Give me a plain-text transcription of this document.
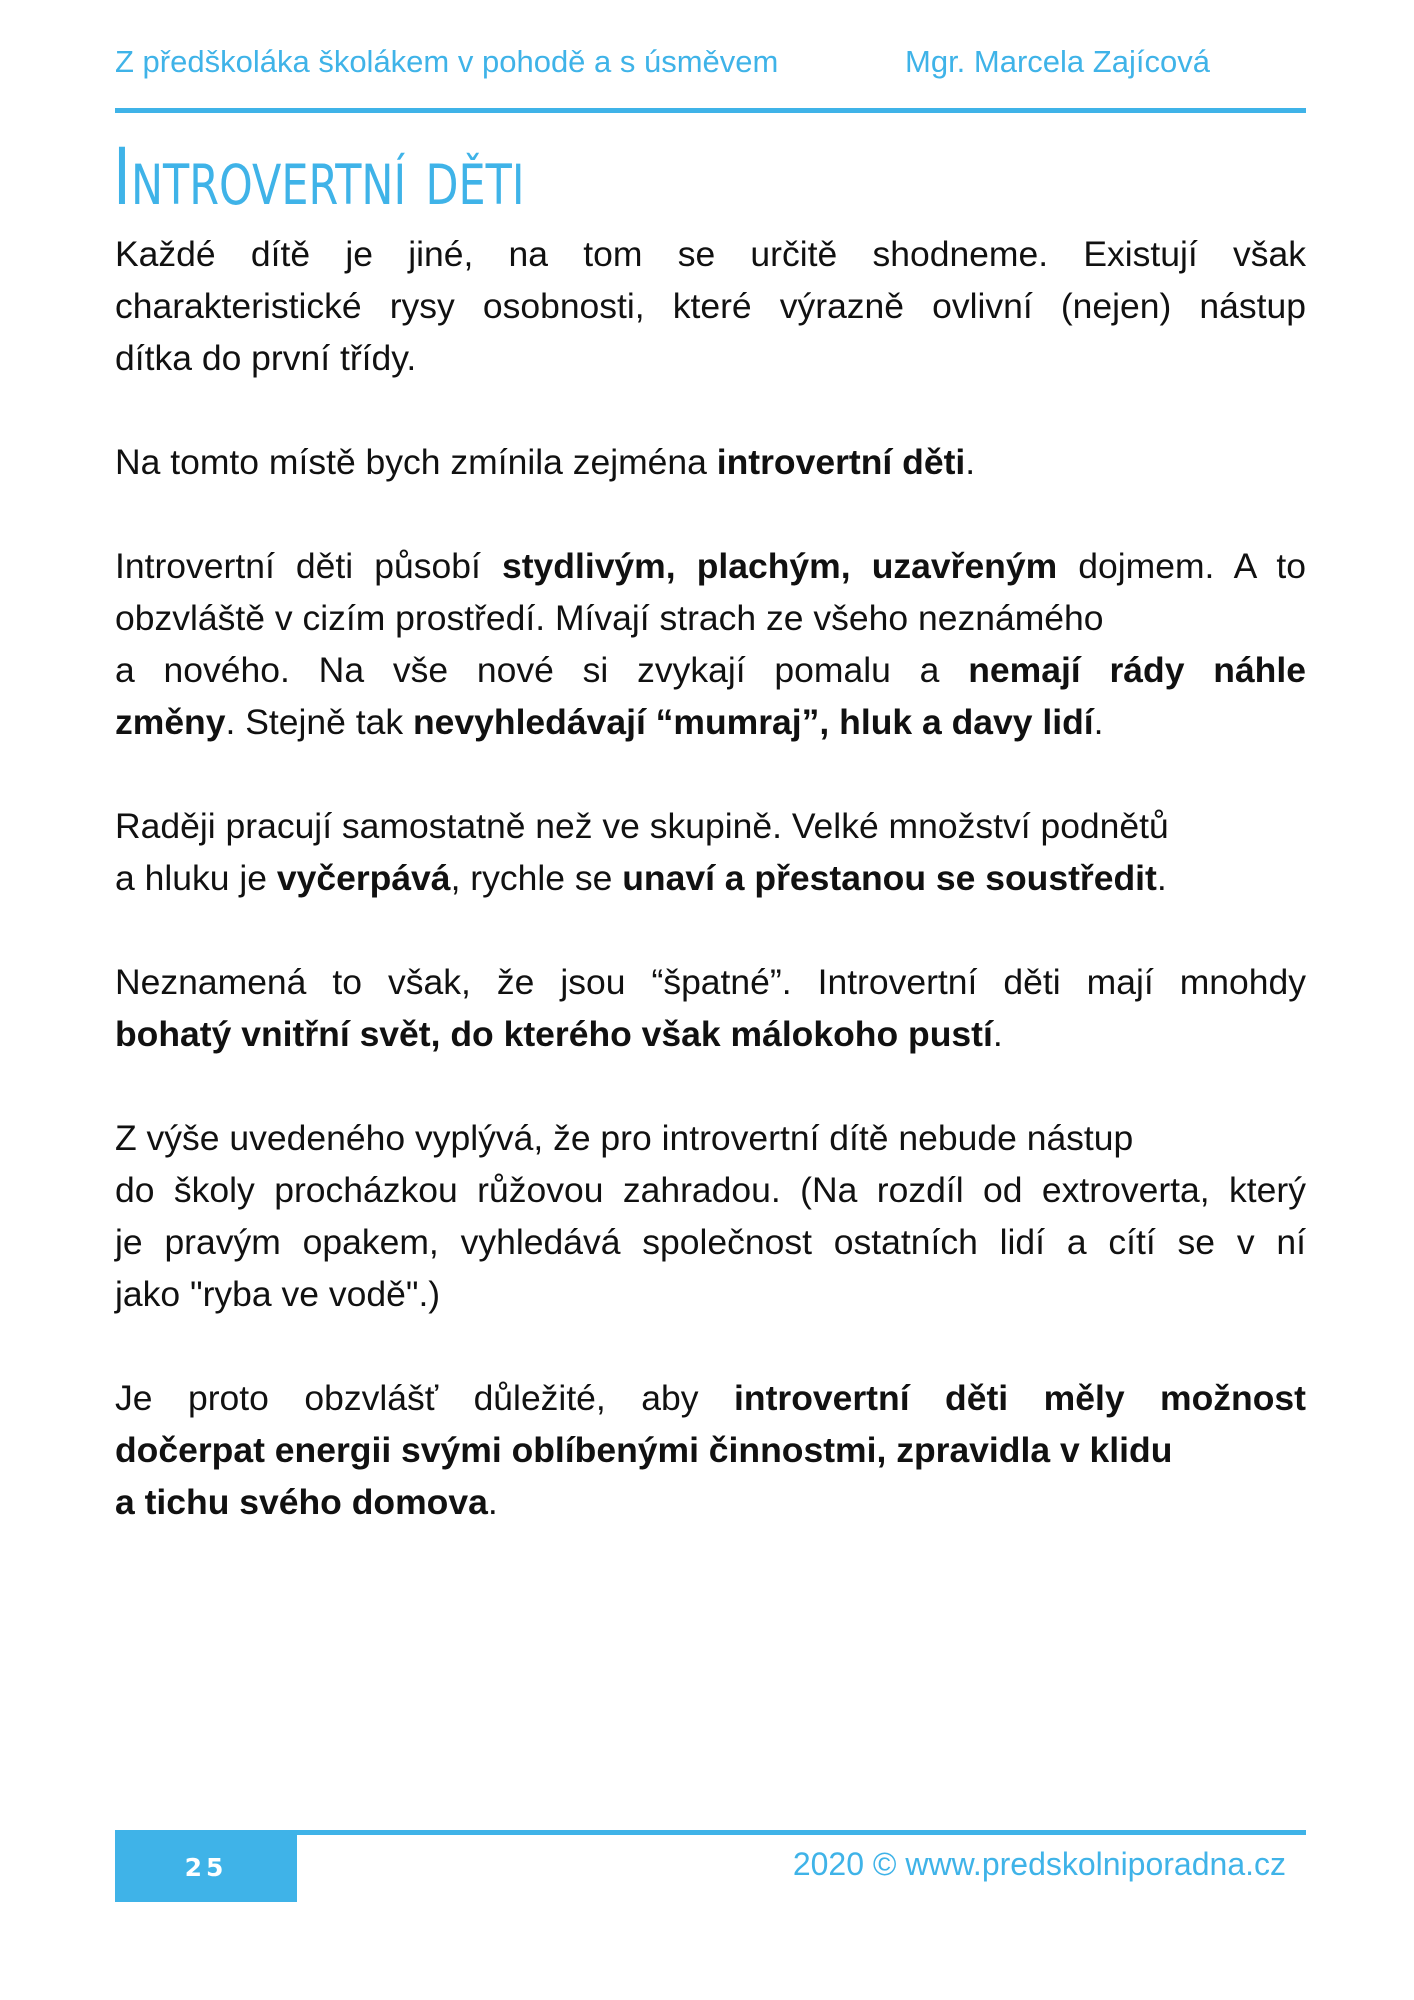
Z předškoláka školákem v pohodě a s úsměvem	Mgr. Marcela Zajícová
Introvertní děti

Každé dítě je jiné, na tom se určitě shodneme. Existují však
charakteristické rysy osobnosti, které výrazně ovlivní (nejen) nástup
dítka do první třídy.

Na tomto místě bych zmínila zejména introvertní děti.

Introvertní děti působí stydlivým, plachým, uzavřeným dojmem. A to
obzvláště v cizím prostředí. Mívají strach ze všeho neznámého
a nového. Na vše nové si zvykají pomalu a nemají rády náhle
změny. Stejně tak nevyhledávají “mumraj”, hluk a davy lidí.

Raději pracují samostatně než ve skupině. Velké množství podnětů
a hluku je vyčerpává, rychle se unaví a přestanou se soustředit.

Neznamená to však, že jsou “špatné”. Introvertní děti mají mnohdy
bohatý vnitřní svět, do kterého však málokoho pustí.

Z výše uvedeného vyplývá, že pro introvertní dítě nebude nástup
do školy procházkou růžovou zahradou. (Na rozdíl od extroverta, který
je pravým opakem, vyhledává společnost ostatních lidí a cítí se v ní
jako "ryba ve vodě".)

Je proto obzvlášť důležité, aby introvertní děti měly možnost
dočerpat energii svými oblíbenými činnostmi, zpravidla v klidu
a tichu svého domova.

25	2020 © www.predskolniporadna.cz
